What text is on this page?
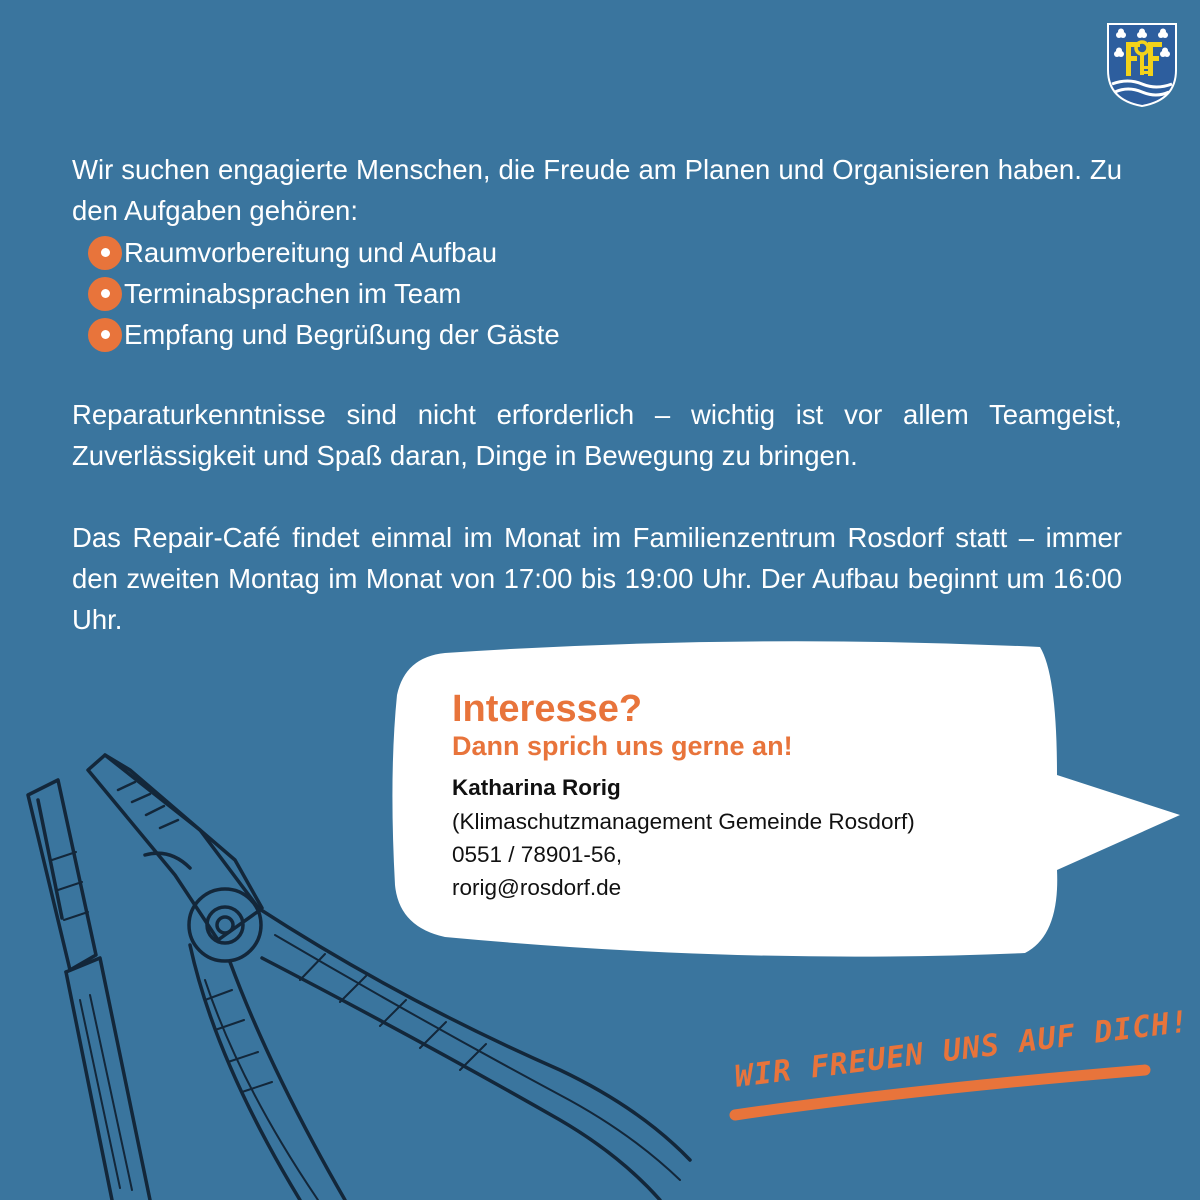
Wir suchen engagierte Menschen, die Freude am Planen und Organisieren haben. Zu den Aufgaben gehören:

Raumvorbereitung und Aufbau
Terminabsprachen im Team
Empfang und Begrüßung der Gäste

Reparaturkenntnisse sind nicht erforderlich – wichtig ist vor allem Teamgeist, Zuverlässigkeit und Spaß daran, Dinge in Bewegung zu bringen.

Das Repair-Café findet einmal im Monat im Familienzentrum Rosdorf statt – immer den zweiten Montag im Monat von 17:00 bis 19:00 Uhr. Der Aufbau beginnt um 16:00 Uhr.

Interesse?
Dann sprich uns gerne an!
Katharina Rorig
(Klimaschutzmanagement Gemeinde Rosdorf)
0551 / 78901-56,
rorig@rosdorf.de
WIR FREUEN UNS AUF DICH!
